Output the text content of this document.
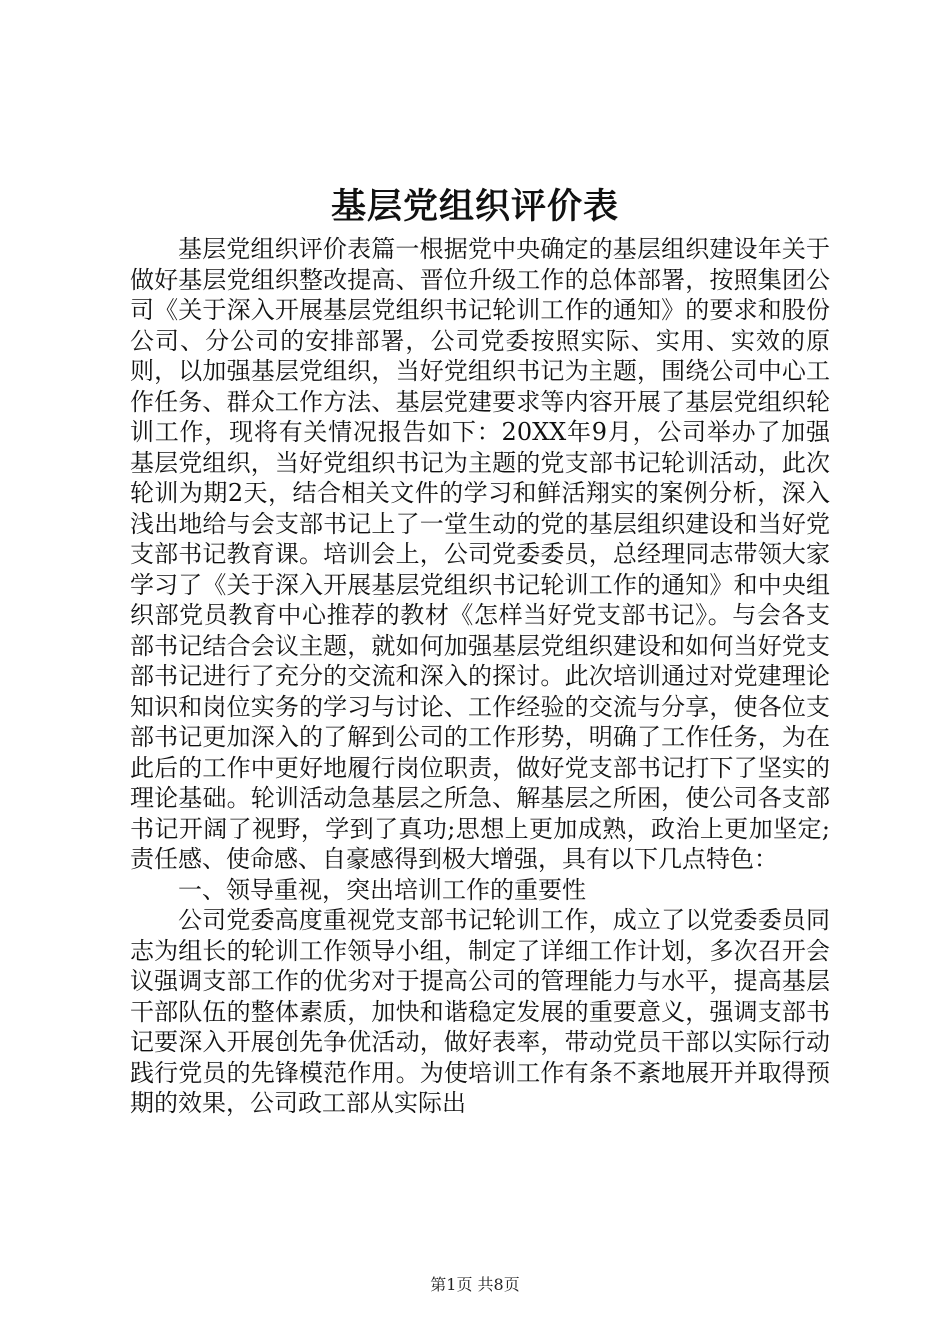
基层党组织评价表

基层党组织评价表篇一根据党中央确定的基层组织建设年关于做好基层党组织整改提高、晋位升级工作的总体部署，按照集团公司《关于深入开展基层党组织书记轮训工作的通知》的要求和股份公司、分公司的安排部署，公司党委按照实际、实用、实效的原则，以加强基层党组织，当好党组织书记为主题，围绕公司中心工作任务、群众工作方法、基层党建要求等内容开展了基层党组织轮训工作，现将有关情况报告如下：20XX年9月，公司举办了加强基层党组织，当好党组织书记为主题的党支部书记轮训活动，此次轮训为期2天，结合相关文件的学习和鲜活翔实的案例分析，深入浅出地给与会支部书记上了一堂生动的党的基层组织建设和当好党支部书记教育课。培训会上，公司党委委员，总经理同志带领大家学习了《关于深入开展基层党组织书记轮训工作的通知》和中央组织部党员教育中心推荐的教材《怎样当好党支部书记》。与会各支部书记结合会议主题，就如何加强基层党组织建设和如何当好党支部书记进行了充分的交流和深入的探讨。此次培训通过对党建理论知识和岗位实务的学习与讨论、工作经验的交流与分享，使各位支部书记更加深入的了解到公司的工作形势，明确了工作任务，为在此后的工作中更好地履行岗位职责，做好党支部书记打下了坚实的理论基础。轮训活动急基层之所急、解基层之所困，使公司各支部书记开阔了视野，学到了真功;思想上更加成熟，政治上更加坚定;责任感、使命感、自豪感得到极大增强，具有以下几点特色：

一、领导重视，突出培训工作的重要性

公司党委高度重视党支部书记轮训工作，成立了以党委委员同志为组长的轮训工作领导小组，制定了详细工作计划，多次召开会议强调支部工作的优劣对于提高公司的管理能力与水平，提高基层干部队伍的整体素质，加快和谐稳定发展的重要意义，强调支部书记要深入开展创先争优活动，做好表率，带动党员干部以实际行动践行党员的先锋模范作用。为使培训工作有条不紊地展开并取得预期的效果，公司政工部从实际出

第1页 共8页
